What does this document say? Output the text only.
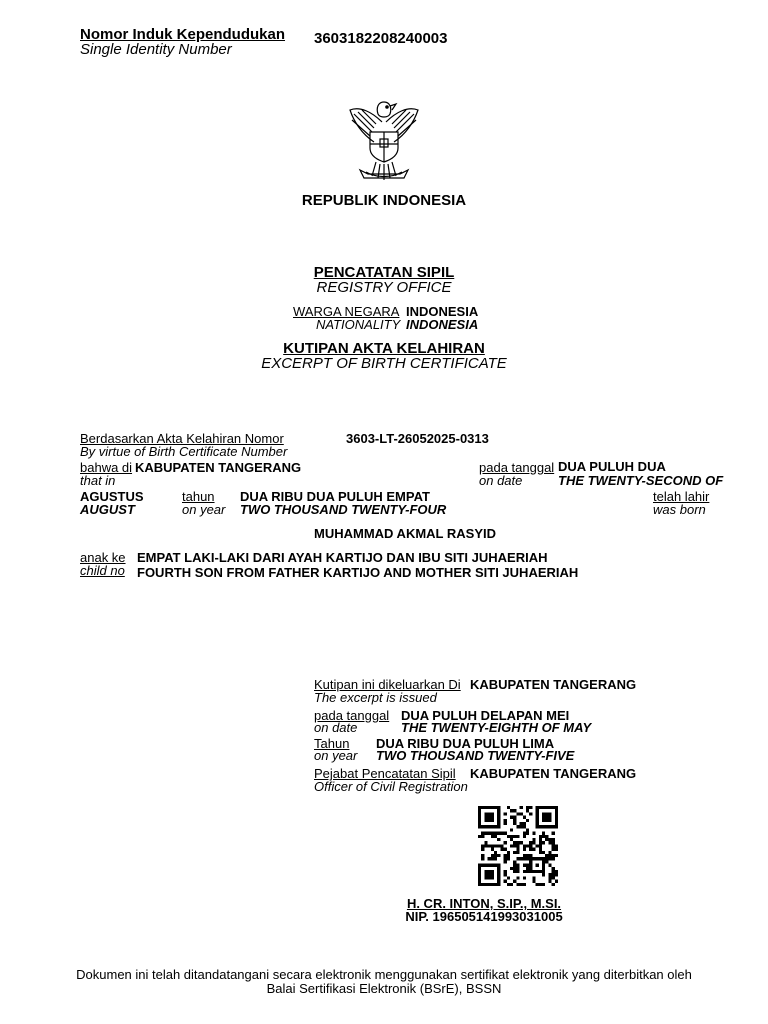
Nomor Induk Kependudukan
Single Identity Number
3603182208240003
REPUBLIK INDONESIA
PENCATATAN SIPIL
REGISTRY OFFICE
WARGA NEGARA INDONESIA
NATIONALITY INDONESIA
KUTIPAN AKTA KELAHIRAN
EXCERPT OF BIRTH CERTIFICATE
Berdasarkan Akta Kelahiran Nomor
By virtue of Birth Certificate Number
3603-LT-26052025-0313
bahwa di KABUPATEN TANGERANG
that in
pada tanggal DUA PULUH DUA
on date	THE TWENTY-SECOND OF
AGUSTUS
AUGUST
tahun
on year
DUA RIBU DUA PULUH EMPAT
TWO THOUSAND TWENTY-FOUR
telah lahir
was born
MUHAMMAD AKMAL RASYID
anak ke
child no
EMPAT LAKI-LAKI DARI AYAH KARTIJO DAN IBU SITI JUHAERIAH
FOURTH SON FROM FATHER KARTIJO AND MOTHER SITI JUHAERIAH
Kutipan ini dikeluarkan Di
The excerpt is issued
KABUPATEN TANGERANG
pada tanggal
on date
DUA PULUH DELAPAN MEI
THE TWENTY-EIGHTH OF MAY
Tahun
on year
DUA RIBU DUA PULUH LIMA
TWO THOUSAND TWENTY-FIVE
Pejabat Pencatatan Sipil
Officer of Civil Registration
KABUPATEN TANGERANG
H. CR. INTON, S.IP., M.SI.
NIP. 196505141993031005
Dokumen ini telah ditandatangani secara elektronik menggunakan sertifikat elektronik yang diterbitkan oleh
Balai Sertifikasi Elektronik (BSrE), BSSN
